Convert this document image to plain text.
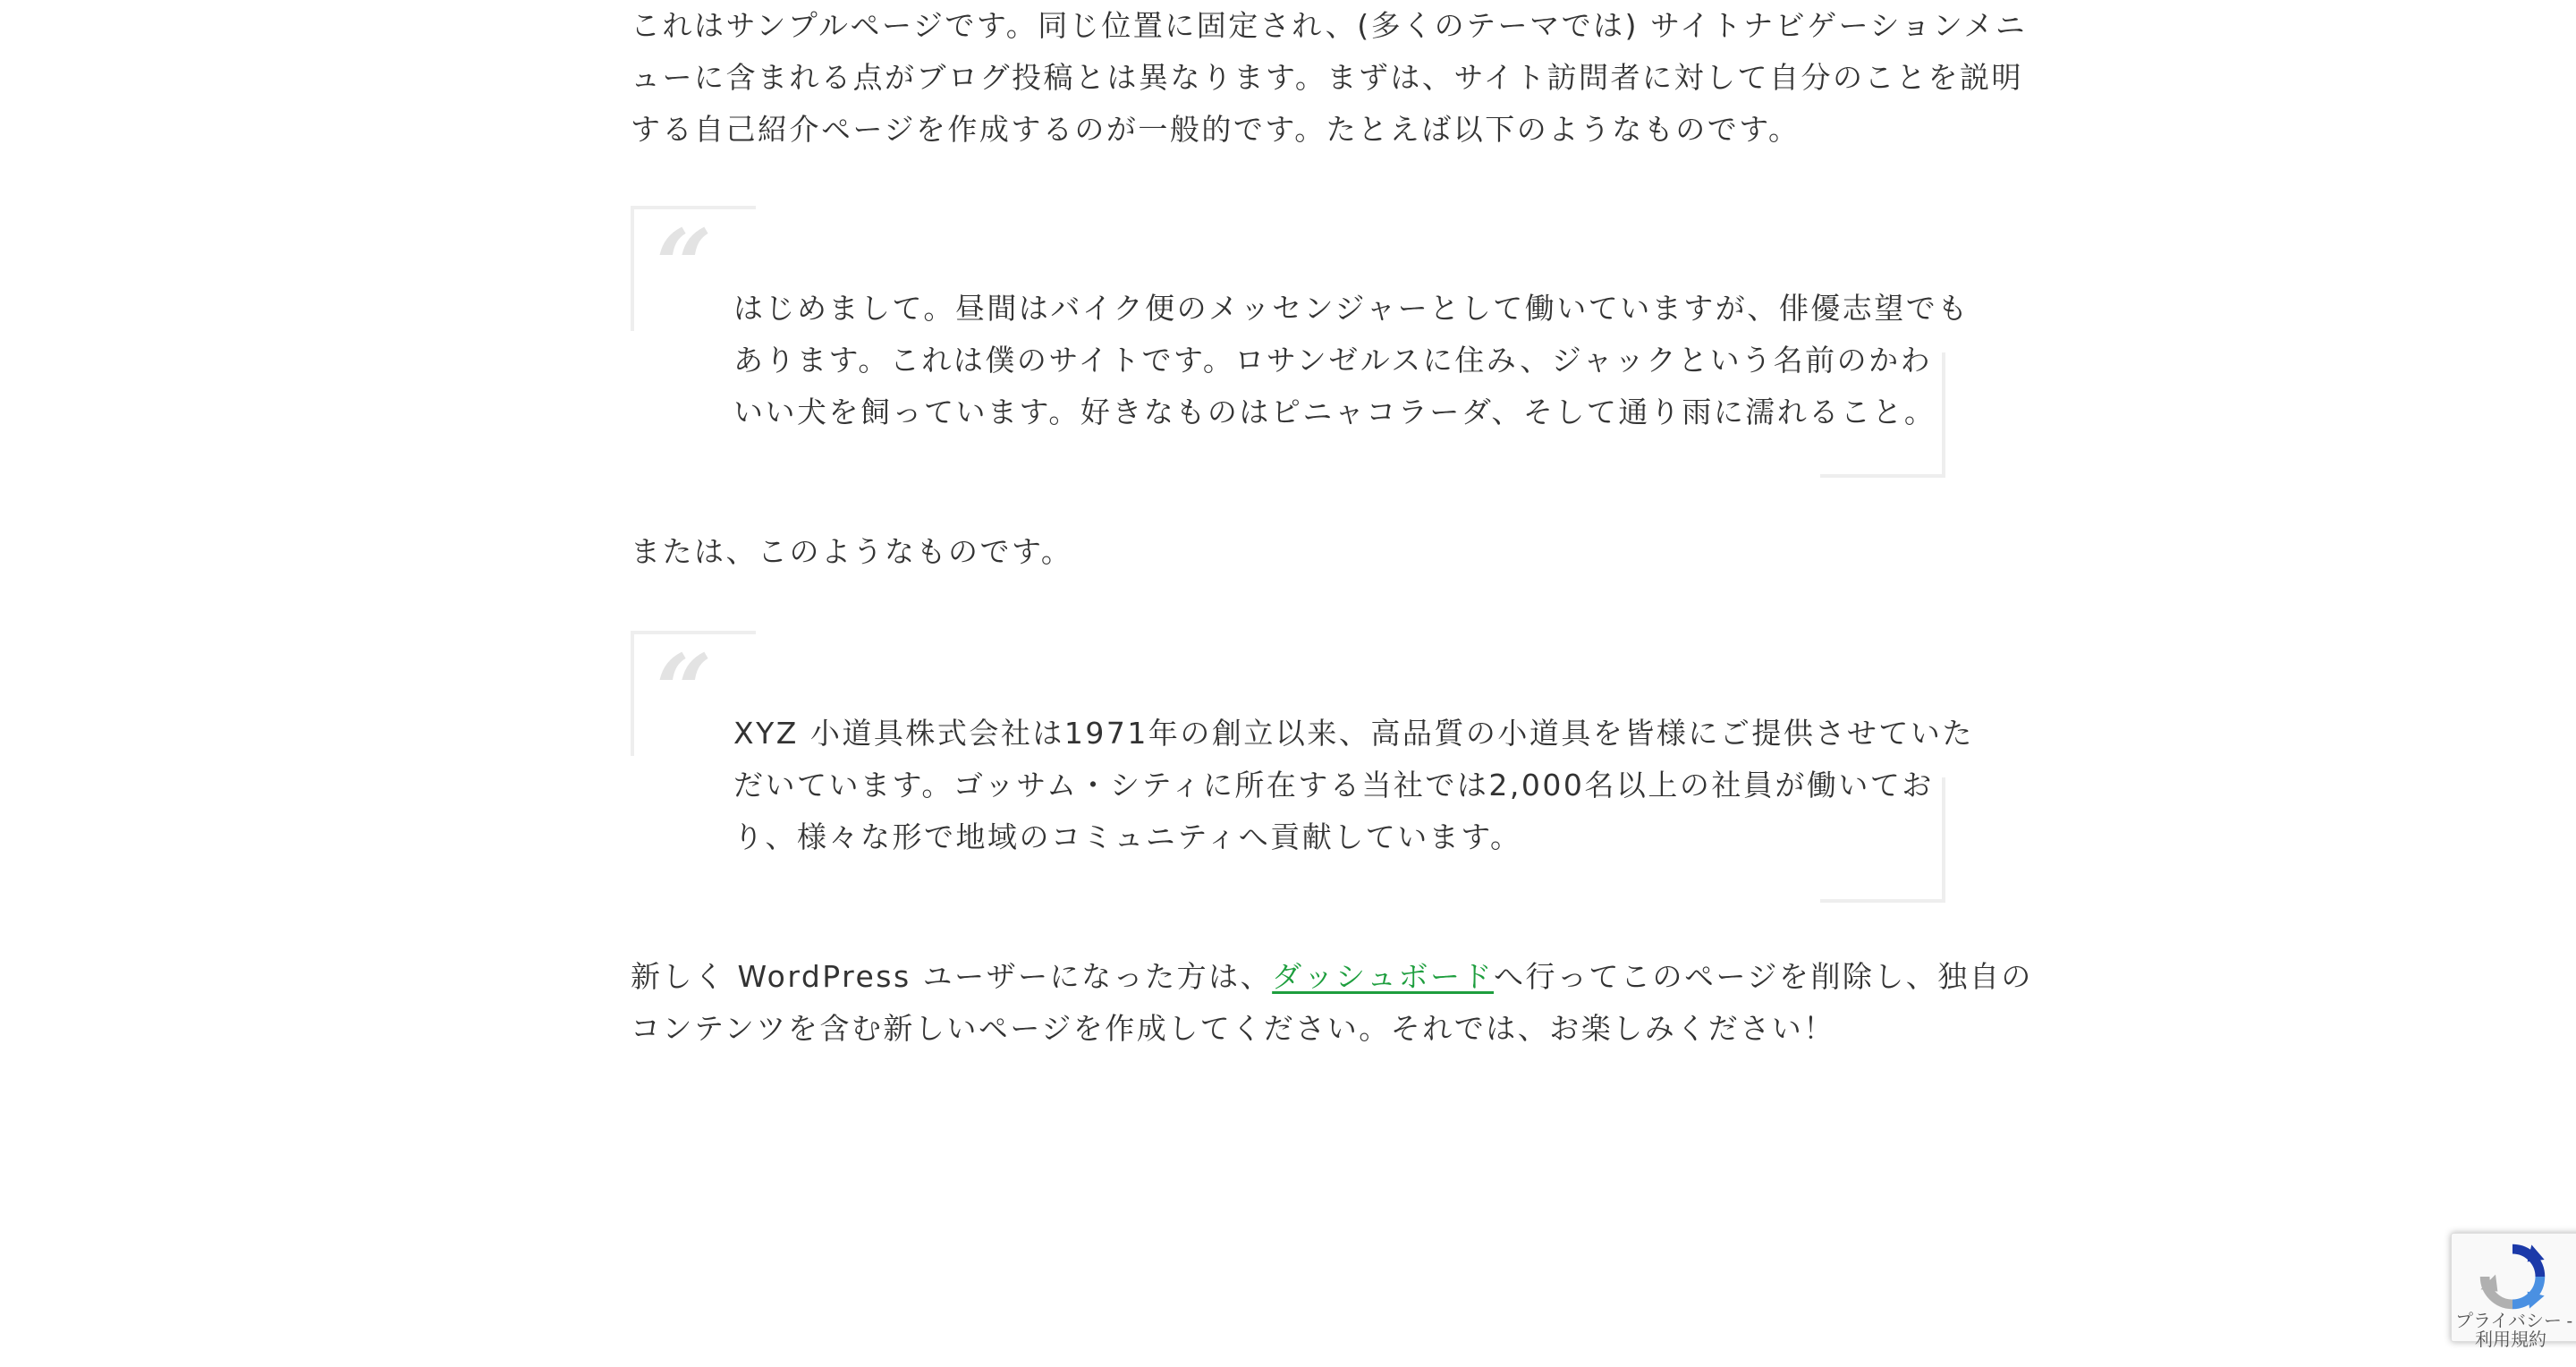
これはサンプルページです。同じ位置に固定され、(多くのテーマでは) サイトナビゲーションメニ
ューに含まれる点がブログ投稿とは異なります。まずは、サイト訪問者に対して自分のことを説明
する自己紹介ページを作成するのが一般的です。たとえば以下のようなものです。

“ はじめまして。昼間はバイク便のメッセンジャーとして働いていますが、俳優志望でも
あります。これは僕のサイトです。ロサンゼルスに住み、ジャックという名前のかわ
いい犬を飼っています。好きなものはピニャコラーダ、そして通り雨に濡れること。

または、このようなものです。

“ XYZ 小道具株式会社は1971年の創立以来、高品質の小道具を皆様にご提供させていた
だいています。ゴッサム・シティに所在する当社では2,000名以上の社員が働いてお
り、様々な形で地域のコミュニティへ貢献しています。

新しく WordPress ユーザーになった方は、ダッシュボードへ行ってこのページを削除し、独自の
コンテンツを含む新しいページを作成してください。それでは、お楽しみください！

プライバシー -
利用規約
